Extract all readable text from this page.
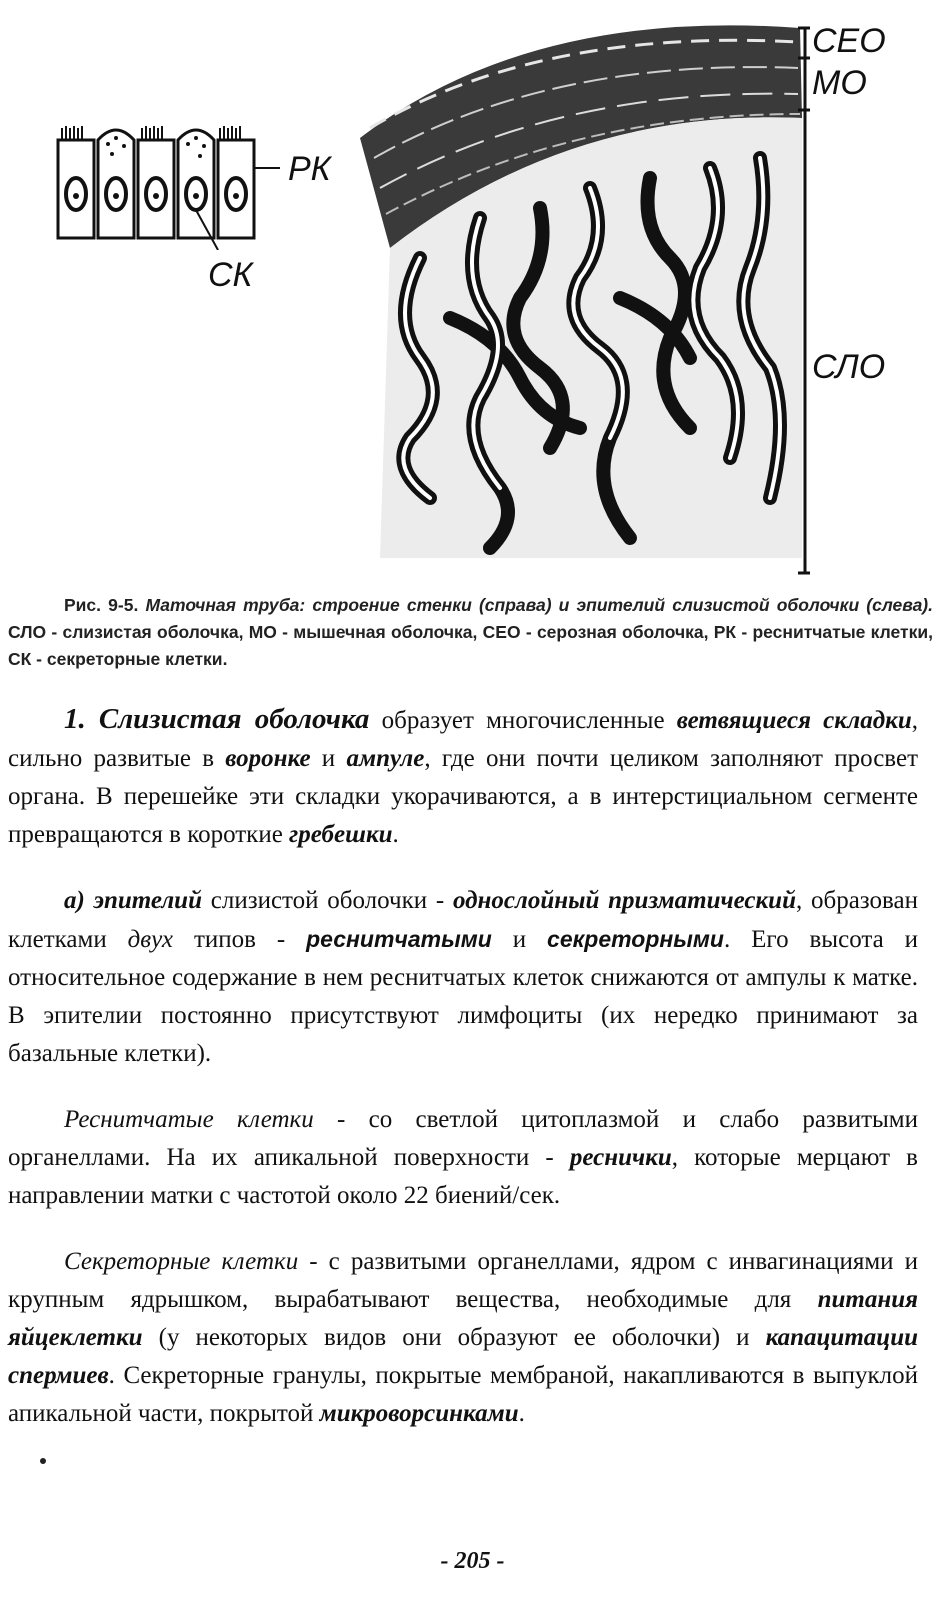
РК
СК
СЕО
МО
СЛО
Рис. 9-5. Маточная труба: строение стенки (справа) и эпителий слизистой оболочки (слева). СЛО - слизистая оболочка, МО - мышечная оболочка, СЕО - серозная оболочка, РК - реснитчатые клетки, СК - секреторные клетки.

1. Слизистая оболочка образует многочисленные ветвящиеся складки, сильно развитые в воронке и ампуле, где они почти целиком заполняют просвет органа. В перешейке эти складки укорачиваются, а в интерстициальном сегменте превращаются в короткие гребешки.

а) эпителий слизистой оболочки - однослойный призматический, образован клетками двух типов - реснитчатыми и секреторными. Его высота и относительное содержание в нем реснитчатых клеток снижаются от ампулы к матке. В эпителии постоянно присутствуют лимфоциты (их нередко принимают за базальные клетки).

Реснитчатые клетки - со светлой цитоплазмой и слабо развитыми органеллами. На их апикальной поверхности - реснички, которые мерцают в направлении матки с частотой около 22 биений/сек.

Секреторные клетки - с развитыми органеллами, ядром с инвагинациями и крупным ядрышком, вырабатывают вещества, необходимые для питания яйцеклетки (у некоторых видов они образуют ее оболочки) и капацитации спермиев. Секреторные гранулы, покрытые мембраной, накапливаются в выпуклой апикальной части, покрытой микроворсинками.

- 205 -
